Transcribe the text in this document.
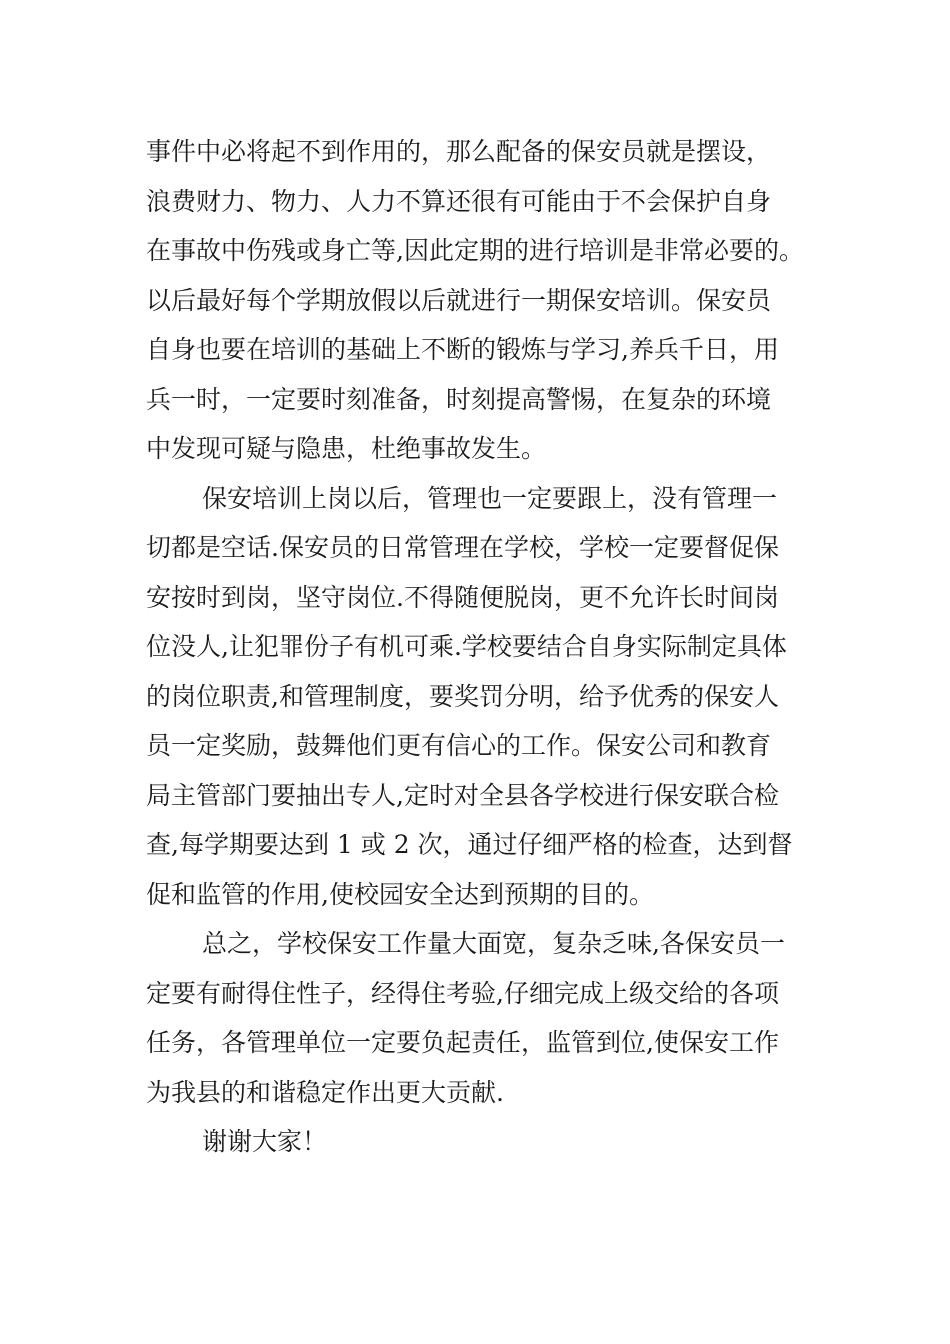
事件中必将起不到作用的，那么配备的保安员就是摆设，
浪费财力、物力、人力不算还很有可能由于不会保护自身
在事故中伤残或身亡等,因此定期的进行培训是非常必要的。
以后最好每个学期放假以后就进行一期保安培训。保安员
自身也要在培训的基础上不断的锻炼与学习,养兵千日，用
兵一时，一定要时刻准备，时刻提高警惕，在复杂的环境
中发现可疑与隐患，杜绝事故发生。
保安培训上岗以后，管理也一定要跟上，没有管理一
切都是空话.保安员的日常管理在学校，学校一定要督促保
安按时到岗，坚守岗位.不得随便脱岗，更不允许长时间岗
位没人,让犯罪份子有机可乘.学校要结合自身实际制定具体
的岗位职责,和管理制度，要奖罚分明，给予优秀的保安人
员一定奖励，鼓舞他们更有信心的工作。保安公司和教育
局主管部门要抽出专人,定时对全县各学校进行保安联合检
查,每学期要达到 1 或 2 次，通过仔细严格的检查，达到督
促和监管的作用,使校园安全达到预期的目的。
总之，学校保安工作量大面宽，复杂乏味,各保安员一
定要有耐得住性子，经得住考验,仔细完成上级交给的各项
任务，各管理单位一定要负起责任，监管到位,使保安工作
为我县的和谐稳定作出更大贡献.
谢谢大家！
